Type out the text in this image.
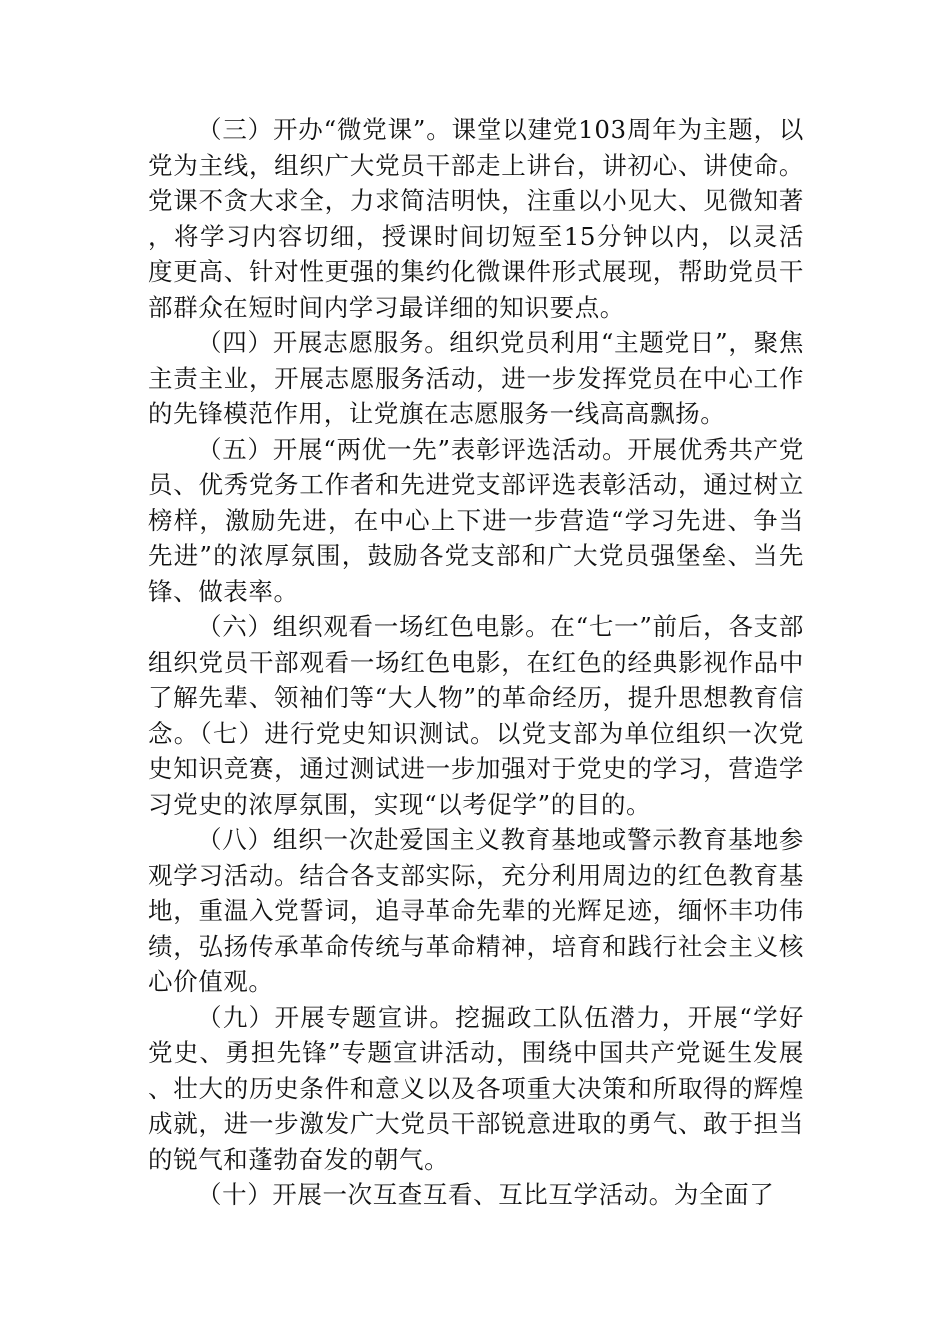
（三）开办“微党课”。课堂以建党103周年为主题，以党为主线，组织广大党员干部走上讲台，讲初心、讲使命。党课不贪大求全，力求简洁明快，注重以小见大、见微知著，将学习内容切细，授课时间切短至15分钟以内，以灵活度更高、针对性更强的集约化微课件形式展现，帮助党员干部群众在短时间内学习最详细的知识要点。

（四）开展志愿服务。组织党员利用“主题党日”，聚焦主责主业，开展志愿服务活动，进一步发挥党员在中心工作的先锋模范作用，让党旗在志愿服务一线高高飘扬。

（五）开展“两优一先”表彰评选活动。开展优秀共产党员、优秀党务工作者和先进党支部评选表彰活动，通过树立榜样，激励先进，在中心上下进一步营造“学习先进、争当先进”的浓厚氛围，鼓励各党支部和广大党员强堡垒、当先锋、做表率。

（六）组织观看一场红色电影。在“七一”前后，各支部组织党员干部观看一场红色电影，在红色的经典影视作品中了解先辈、领袖们等“大人物”的革命经历，提升思想教育信念。（七）进行党史知识测试。以党支部为单位组织一次党史知识竞赛，通过测试进一步加强对于党史的学习，营造学习党史的浓厚氛围，实现“以考促学”的目的。

（八）组织一次赴爱国主义教育基地或警示教育基地参观学习活动。结合各支部实际，充分利用周边的红色教育基地，重温入党誓词，追寻革命先辈的光辉足迹，缅怀丰功伟绩，弘扬传承革命传统与革命精神，培育和践行社会主义核心价值观。

（九）开展专题宣讲。挖掘政工队伍潜力，开展“学好党史、勇担先锋”专题宣讲活动，围绕中国共产党诞生发展、壮大的历史条件和意义以及各项重大决策和所取得的辉煌成就，进一步激发广大党员干部锐意进取的勇气、敢于担当的锐气和蓬勃奋发的朝气。

（十）开展一次互查互看、互比互学活动。为全面了
